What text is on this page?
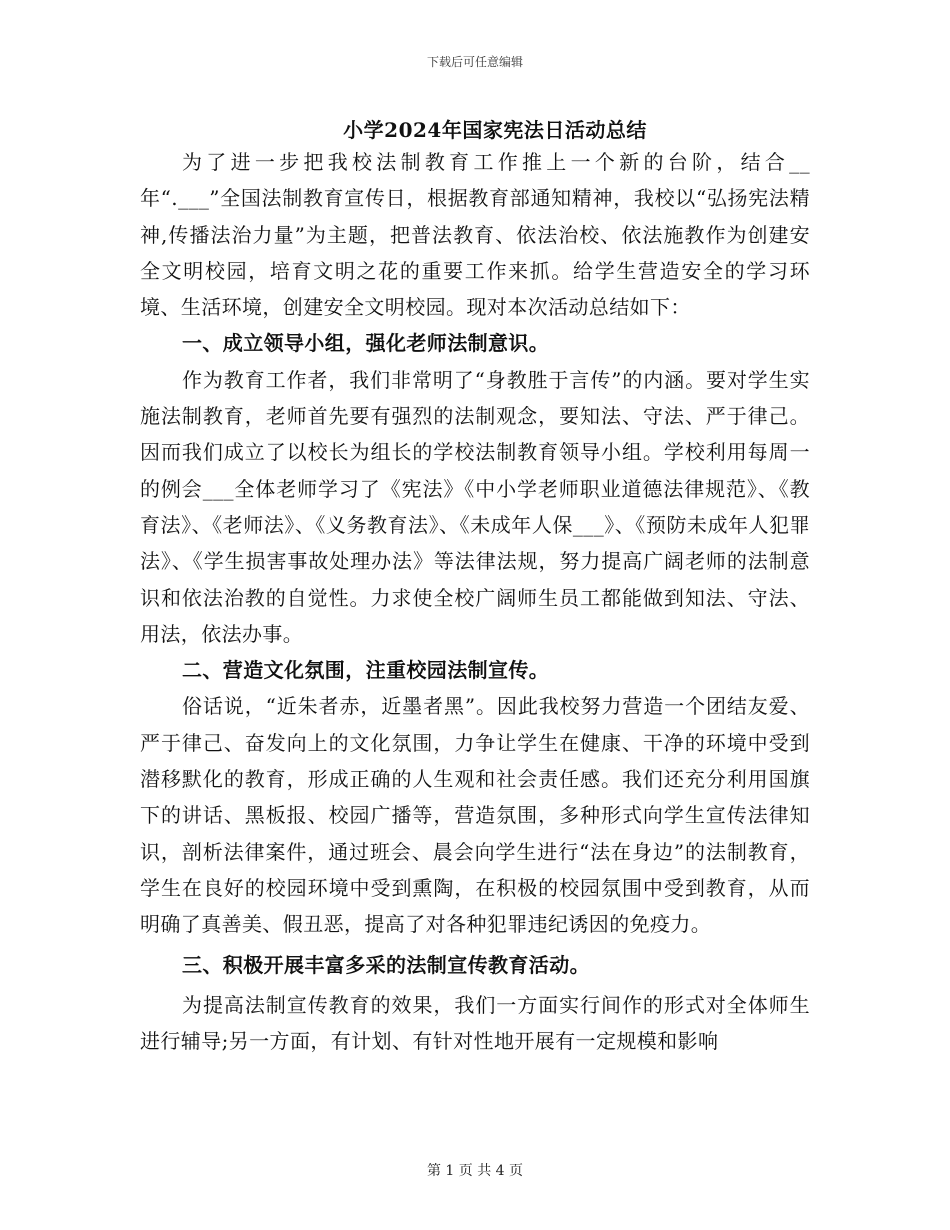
下载后可任意编辑
小学2024年国家宪法日活动总结

为了进一步把我校法制教育工作推上一个新的台阶，结合__年“.___”全国法制教育宣传日，根据教育部通知精神，我校以“弘扬宪法精神,传播法治力量”为主题，把普法教育、依法治校、依法施教作为创建安全文明校园，培育文明之花的重要工作来抓。给学生营造安全的学习环境、生活环境，创建安全文明校园。现对本次活动总结如下：

一、成立领导小组，强化老师法制意识。

作为教育工作者，我们非常明了“身教胜于言传”的内涵。要对学生实施法制教育，老师首先要有强烈的法制观念，要知法、守法、严于律己。因而我们成立了以校长为组长的学校法制教育领导小组。学校利用每周一的例会___全体老师学习了《宪法》《中小学老师职业道德法律规范》、《教育法》、《老师法》、《义务教育法》、《未成年人保___》、《预防未成年人犯罪法》、《学生损害事故处理办法》等法律法规，努力提高广阔老师的法制意识和依法治教的自觉性。力求使全校广阔师生员工都能做到知法、守法、用法，依法办事。

二、营造文化氛围，注重校园法制宣传。

俗话说，“近朱者赤，近墨者黑”。因此我校努力营造一个团结友爱、严于律己、奋发向上的文化氛围，力争让学生在健康、干净的环境中受到潜移默化的教育，形成正确的人生观和社会责任感。我们还充分利用国旗下的讲话、黑板报、校园广播等，营造氛围，多种形式向学生宣传法律知识，剖析法律案件，通过班会、晨会向学生进行“法在身边”的法制教育，学生在良好的校园环境中受到熏陶，在积极的校园氛围中受到教育，从而明确了真善美、假丑恶，提高了对各种犯罪违纪诱因的免疫力。

三、积极开展丰富多采的法制宣传教育活动。

为提高法制宣传教育的效果，我们一方面实行间作的形式对全体师生进行辅导;另一方面，有计划、有针对性地开展有一定规模和影响

第 1 页 共 4 页
